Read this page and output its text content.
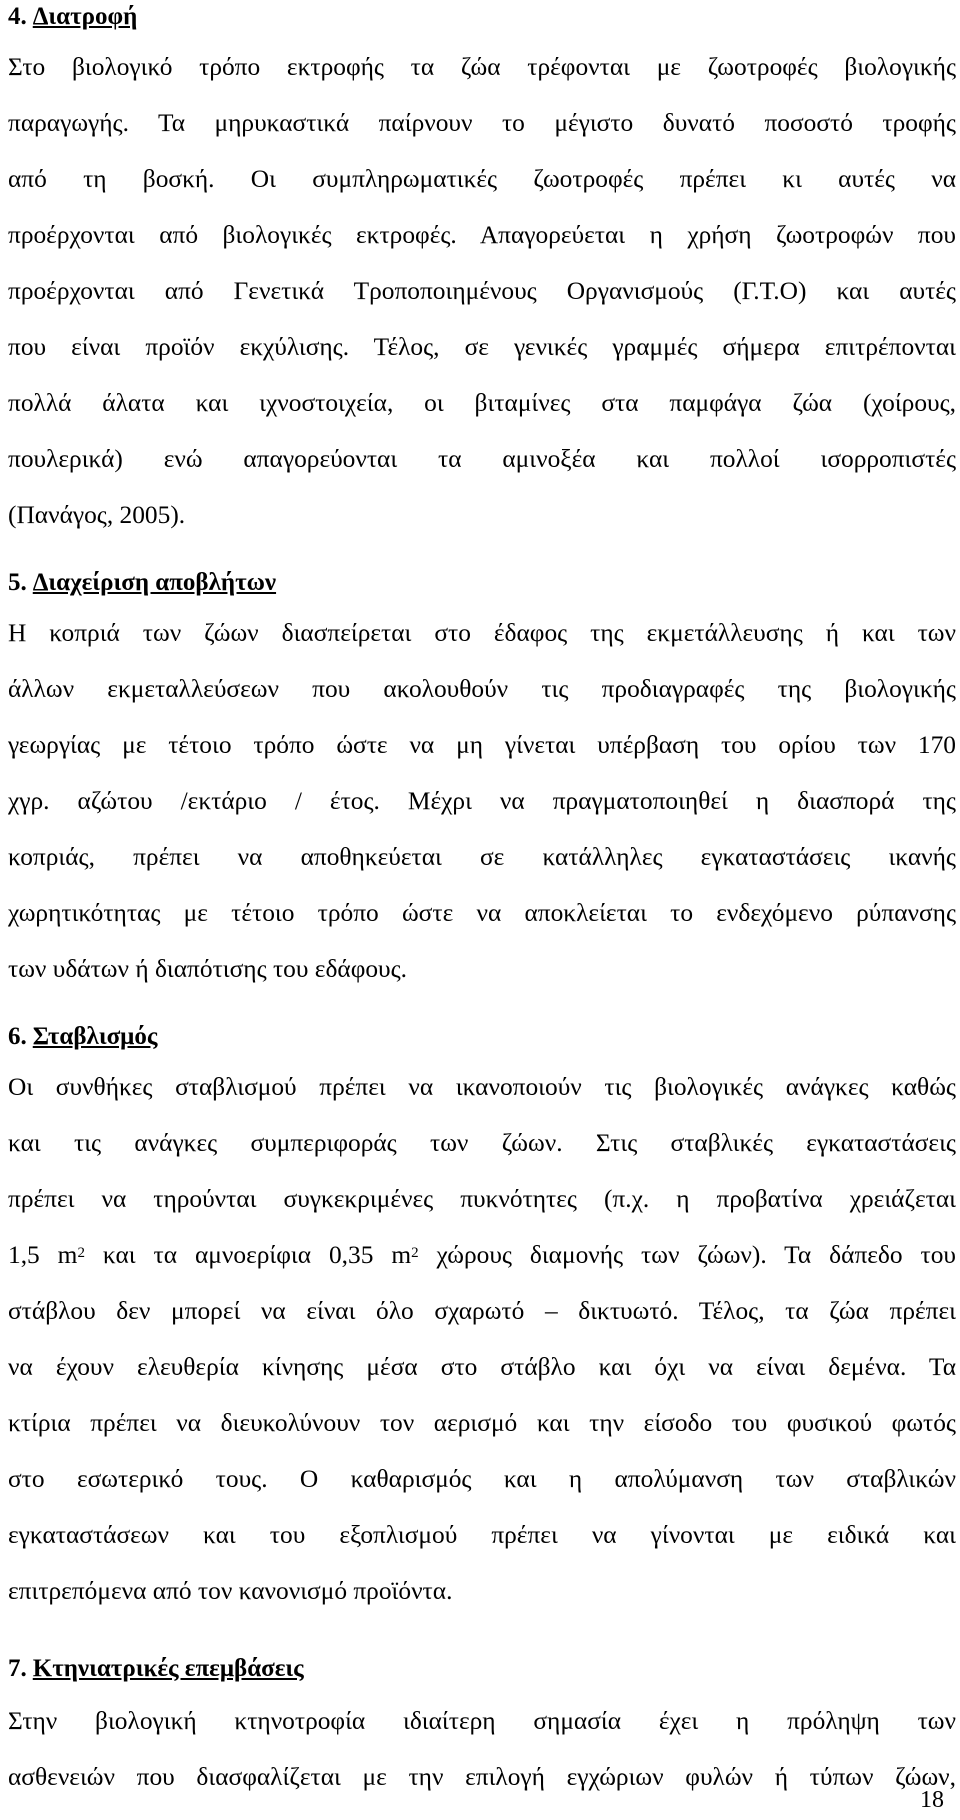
4. Διατροφή
Στο βιολογικό τρόπο εκτροφής τα ζώα τρέφονται με ζωοτροφές βιολογικής
παραγωγής. Τα μηρυκαστικά παίρνουν το μέγιστο δυνατό ποσοστό τροφής
από τη βοσκή. Οι συμπληρωματικές ζωοτροφές πρέπει κι αυτές να
προέρχονται από βιολογικές εκτροφές. Απαγορεύεται η χρήση ζωοτροφών που
προέρχονται από Γενετικά Τροποποιημένους Οργανισμούς (Γ.Τ.Ο) και αυτές
που είναι προϊόν εκχύλισης. Τέλος, σε γενικές γραμμές σήμερα επιτρέπονται
πολλά άλατα και ιχνοστοιχεία, οι βιταμίνες στα παμφάγα ζώα (χοίρους,
πουλερικά) ενώ απαγορεύονται τα αμινοξέα και πολλοί ισορροπιστές
(Πανάγος, 2005).
5. Διαχείριση αποβλήτων
Η κοπριά των ζώων διασπείρεται στο έδαφος της εκμετάλλευσης ή και των
άλλων εκμεταλλεύσεων που ακολουθούν τις προδιαγραφές της βιολογικής
γεωργίας με τέτοιο τρόπο ώστε να μη γίνεται υπέρβαση του ορίου των 170
χγρ. αζώτου /εκτάριο / έτος. Μέχρι να πραγματοποιηθεί η διασπορά της
κοπριάς, πρέπει να αποθηκεύεται σε κατάλληλες εγκαταστάσεις ικανής
χωρητικότητας με τέτοιο τρόπο ώστε να αποκλείεται το ενδεχόμενο ρύπανσης
των υδάτων ή διαπότισης του εδάφους.
6. Σταβλισμός
Οι συνθήκες σταβλισμού πρέπει να ικανοποιούν τις βιολογικές ανάγκες καθώς
και τις ανάγκες συμπεριφοράς των ζώων. Στις σταβλικές εγκαταστάσεις
πρέπει να τηρούνται συγκεκριμένες πυκνότητες (π.χ. η προβατίνα χρειάζεται
1,5 $m^2$ και τα αμνοερίφια 0,35 $m^2$ χώρους διαμονής των ζώων). Τα δάπεδο του
στάβλου δεν μπορεί να είναι όλο σχαρωτό – δικτυωτό. Τέλος, τα ζώα πρέπει
να έχουν ελευθερία κίνησης μέσα στο στάβλο και όχι να είναι δεμένα. Τα
κτίρια πρέπει να διευκολύνουν τον αερισμό και την είσοδο του φυσικού φωτός
στο εσωτερικό τους. Ο καθαρισμός και η απολύμανση των σταβλικών
εγκαταστάσεων και του εξοπλισμού πρέπει να γίνονται με ειδικά και
επιτρεπόμενα από τον κανονισμό προϊόντα.
7. Κτηνιατρικές επεμβάσεις
Στην βιολογική κτηνοτροφία ιδιαίτερη σημασία έχει η πρόληψη των
ασθενειών που διασφαλίζεται με την επιλογή εγχώριων φυλών ή τύπων ζώων,
18
